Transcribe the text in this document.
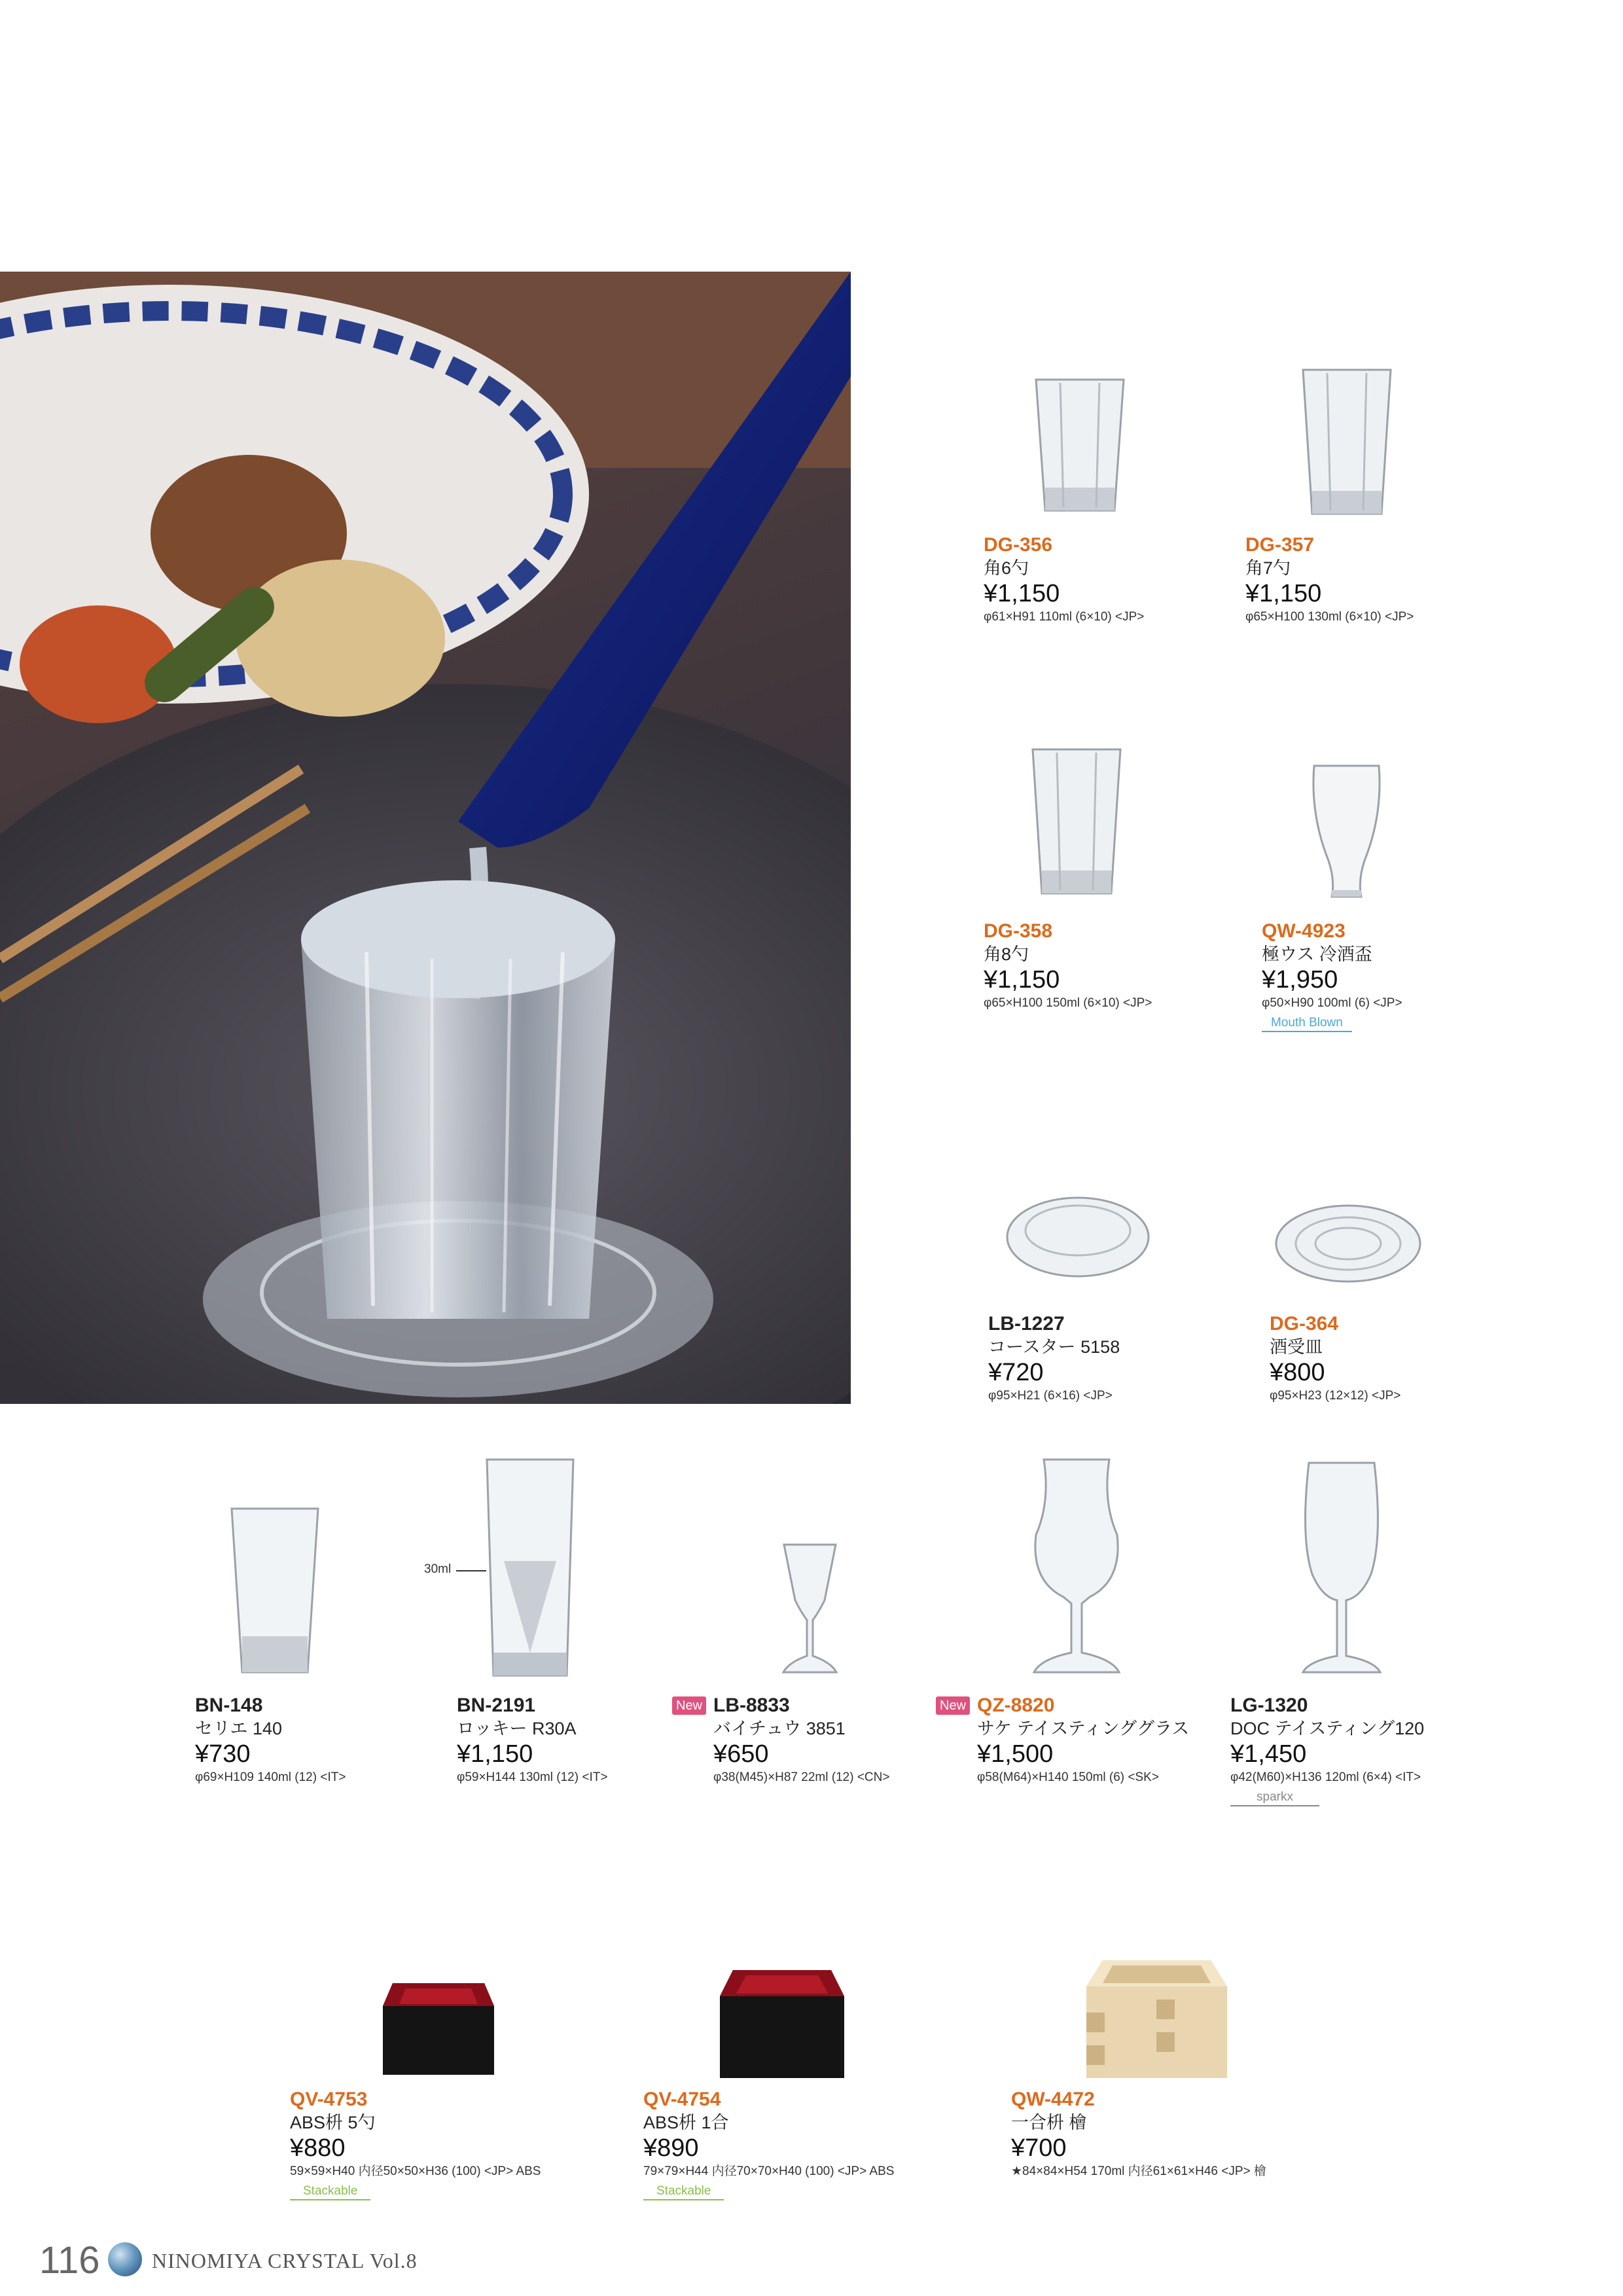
30ml
DG-356
角6勺
¥1,150
φ61×H91 110ml (6×10) <JP>
DG-357
角7勺
¥1,150
φ65×H100 130ml (6×10) <JP>
DG-358
角8勺
¥1,150
φ65×H100 150ml (6×10) <JP>
QW-4923
極ウス 冷酒盃
¥1,950
φ50×H90 100ml (6) <JP>
Mouth Blown
LB-1227
コースター 5158
¥720
φ95×H21 (6×16) <JP>
DG-364
酒受皿
¥800
φ95×H23 (12×12) <JP>
BN-148
セリエ 140
¥730
φ69×H109 140ml (12) <IT>
BN-2191
ロッキー R30A
¥1,150
φ59×H144 130ml (12) <IT>
New LB-8833
バイチュウ 3851
¥650
φ38(M45)×H87 22ml (12) <CN>
New QZ-8820
サケ テイスティンググラス
¥1,500
φ58(M64)×H140 150ml (6) <SK>
LG-1320
DOC テイスティング120
¥1,450
φ42(M60)×H136 120ml (6×4) <IT>
sparkx
QV-4753
ABS枡 5勺
¥880
59×59×H40 内径50×50×H36 (100) <JP> ABS
Stackable
QV-4754
ABS枡 1合
¥890
79×79×H44 内径70×70×H40 (100) <JP> ABS
Stackable
QW-4472
一合枡 檜
¥700
★84×84×H54 170ml 内径61×61×H46 <JP> 檜
116 NINOMIYA CRYSTAL Vol.8
